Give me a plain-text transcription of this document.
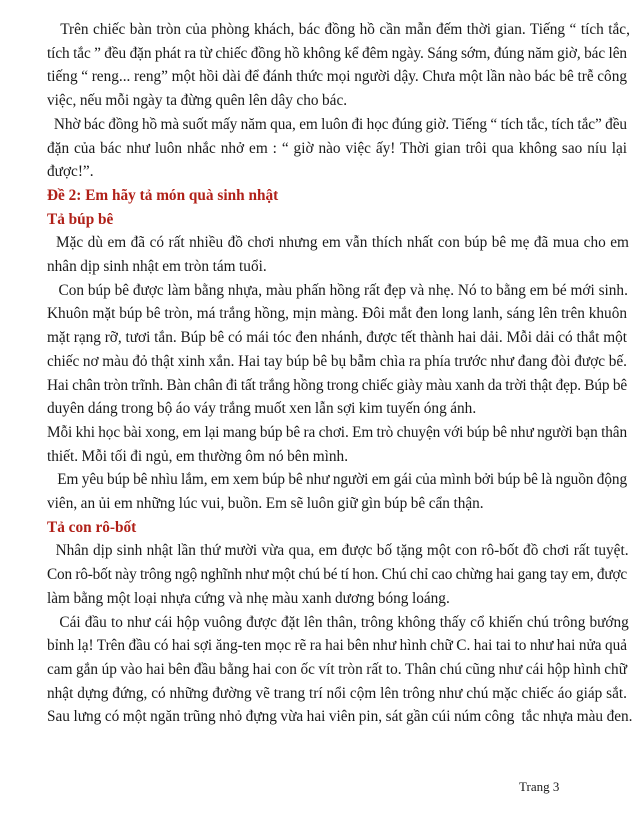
Trên chiếc bàn tròn của phòng khách, bác đồng hồ cần mẫn đếm thời gian. Tiếng “ tích tắc,
tích tắc ” đều đặn phát ra từ chiếc đồng hồ không kể đêm ngày. Sáng sớm, đúng năm giờ, bác lên
tiếng “ reng... reng” một hồi dài để đánh thức mọi người dậy. Chưa một lần nào bác bê trễ công
việc, nếu mỗi ngày ta đừng quên lên dây cho bác.
Nhờ bác đồng hồ mà suốt mấy năm qua, em luôn đi học đúng giờ. Tiếng “ tích tắc, tích tắc” đều
đặn của bác như luôn nhắc nhở em : “ giờ nào việc ấy! Thời gian trôi qua không sao níu lại
được!”.
Đề 2: Em hãy tả món quà sinh nhật
Tả búp bê
Mặc dù em đã có rất nhiều đồ chơi nhưng em vẫn thích nhất con búp bê mẹ đã mua cho em
nhân dịp sinh nhật em tròn tám tuổi.
Con búp bê được làm bằng nhựa, màu phấn hồng rất đẹp và nhẹ. Nó to bằng em bé mới sinh.
Khuôn mặt búp bê tròn, má trắng hồng, mịn màng. Đôi mắt đen long lanh, sáng lên trên khuôn
mặt rạng rỡ, tươi tắn. Búp bê có mái tóc đen nhánh, được tết thành hai dải. Mỗi dải có thắt một
chiếc nơ màu đỏ thật xinh xắn. Hai tay búp bê bụ bẫm chìa ra phía trước như đang đòi được bế.
Hai chân tròn trĩnh. Bàn chân đi tất trắng hồng trong chiếc giày màu xanh da trời thật đẹp. Búp bê
duyên dáng trong bộ áo váy trắng muốt xen lẫn sợi kim tuyến óng ánh.
Mỗi khi học bài xong, em lại mang búp bê ra chơi. Em trò chuyện với búp bê như người bạn thân
thiết. Mỗi tối đi ngủ, em thường ôm nó bên mình.
Em yêu búp bê nhìu lắm, em xem búp bê như người em gái của mình bởi búp bê là nguồn động
viên, an ủi em những lúc vui, buồn. Em sẽ luôn giữ gìn búp bê cẩn thận.
Tả con rô-bốt
Nhân dịp sinh nhật lần thứ mười vừa qua, em được bố tặng một con rô-bốt đồ chơi rất tuyệt.
Con rô-bốt này trông ngộ nghĩnh như một chú bé tí hon. Chú chỉ cao chừng hai gang tay em, được
làm bằng một loại nhựa cứng và nhẹ màu xanh dương bóng loáng.
Cái đầu to như cái hộp vuông được đặt lên thân, trông không thấy cổ khiến chú trông bướng
bỉnh lạ! Trên đầu có hai sợi ăng-ten mọc rẽ ra hai bên như hình chữ C. hai tai to như hai nửa quả
cam gắn úp vào hai bên đầu bằng hai con ốc vít tròn rất to. Thân chú cũng như cái hộp hình chữ
nhật dựng đứng, có những đường vẽ trang trí nổi cộm lên trông như chú mặc chiếc áo giáp sắt.
Sau lưng có một ngăn trũng nhỏ đựng vừa hai viên pin, sát gần cúi núm công  tắc nhựa màu đen.
Trang 3
